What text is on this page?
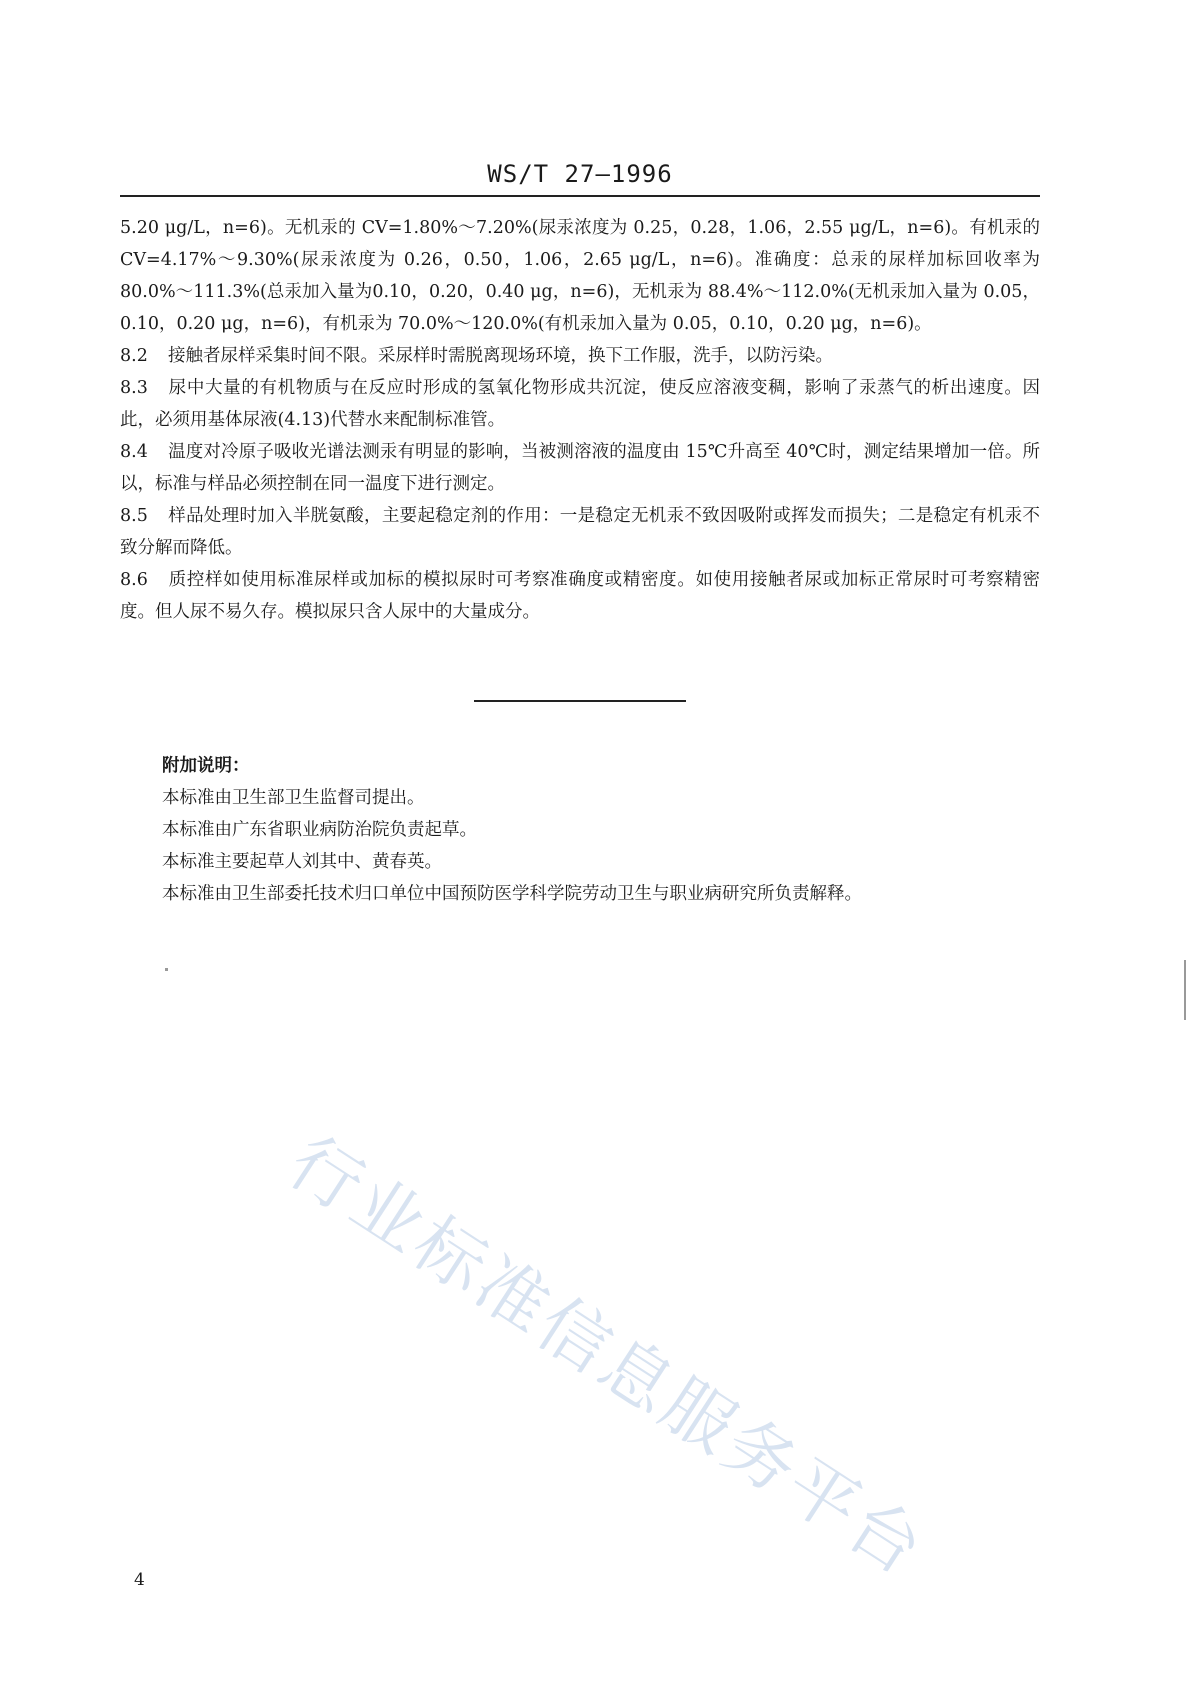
WS/T 27—1996

5.20 μg/L，n=6)。无机汞的 CV=1.80%～7.20%(尿汞浓度为 0.25，0.28，1.06，2.55 μg/L，n=6)。有机汞的 CV=4.17%～9.30%(尿汞浓度为 0.26，0.50，1.06，2.65 μg/L，n=6)。准确度：总汞的尿样加标回收率为 80.0%～111.3%(总汞加入量为0.10，0.20，0.40 μg，n=6)，无机汞为 88.4%～112.0%(无机汞加入量为 0.05，0.10，0.20 μg，n=6)，有机汞为 70.0%～120.0%(有机汞加入量为 0.05，0.10，0.20 μg，n=6)。

8.2 接触者尿样采集时间不限。采尿样时需脱离现场环境，换下工作服，洗手，以防污染。

8.3 尿中大量的有机物质与在反应时形成的氢氧化物形成共沉淀，使反应溶液变稠，影响了汞蒸气的析出速度。因此，必须用基体尿液(4.13)代替水来配制标准管。

8.4 温度对冷原子吸收光谱法测汞有明显的影响，当被测溶液的温度由 15℃升高至 40℃时，测定结果增加一倍。所以，标准与样品必须控制在同一温度下进行测定。

8.5 样品处理时加入半胱氨酸，主要起稳定剂的作用：一是稳定无机汞不致因吸附或挥发而损失；二是稳定有机汞不致分解而降低。

8.6 质控样如使用标准尿样或加标的模拟尿时可考察准确度或精密度。如使用接触者尿或加标正常尿时可考察精密度。但人尿不易久存。模拟尿只含人尿中的大量成分。

附加说明：
本标准由卫生部卫生监督司提出。
本标准由广东省职业病防治院负责起草。
本标准主要起草人刘其中、黄春英。
本标准由卫生部委托技术归口单位中国预防医学科学院劳动卫生与职业病研究所负责解释。
行业标准信息服务平台
4
